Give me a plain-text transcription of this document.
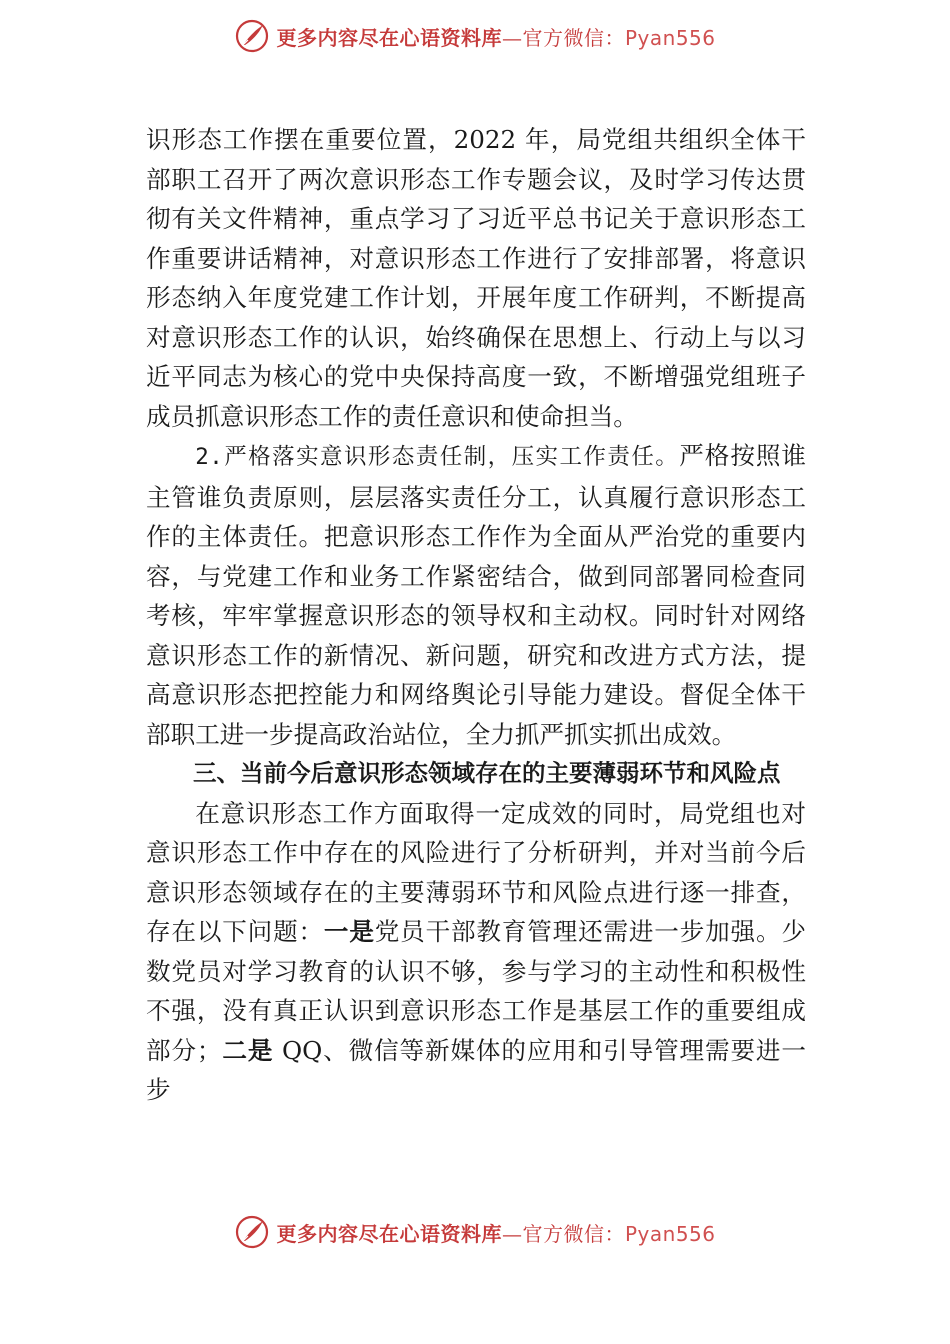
更多内容尽在心语资料库—官方微信：Pyan556

识形态工作摆在重要位置，2022 年，局党组共组织全体干部职工召开了两次意识形态工作专题会议，及时学习传达贯彻有关文件精神，重点学习了习近平总书记关于意识形态工作重要讲话精神，对意识形态工作进行了安排部署，将意识形态纳入年度党建工作计划，开展年度工作研判，不断提高对意识形态工作的认识，始终确保在思想上、行动上与以习近平同志为核心的党中央保持高度一致，不断增强党组班子成员抓意识形态工作的责任意识和使命担当。

2.严格落实意识形态责任制，压实工作责任。严格按照谁主管谁负责原则，层层落实责任分工，认真履行意识形态工作的主体责任。把意识形态工作作为全面从严治党的重要内容，与党建工作和业务工作紧密结合，做到同部署同检查同考核，牢牢掌握意识形态的领导权和主动权。同时针对网络意识形态工作的新情况、新问题，研究和改进方式方法，提高意识形态把控能力和网络舆论引导能力建设。督促全体干部职工进一步提高政治站位，全力抓严抓实抓出成效。

三、当前今后意识形态领域存在的主要薄弱环节和风险点

在意识形态工作方面取得一定成效的同时，局党组也对意识形态工作中存在的风险进行了分析研判，并对当前今后意识形态领域存在的主要薄弱环节和风险点进行逐一排查，存在以下问题：一是党员干部教育管理还需进一步加强。少数党员对学习教育的认识不够，参与学习的主动性和积极性不强，没有真正认识到意识形态工作是基层工作的重要组成部分；二是 QQ、微信等新媒体的应用和引导管理需要进一步

更多内容尽在心语资料库—官方微信：Pyan556
